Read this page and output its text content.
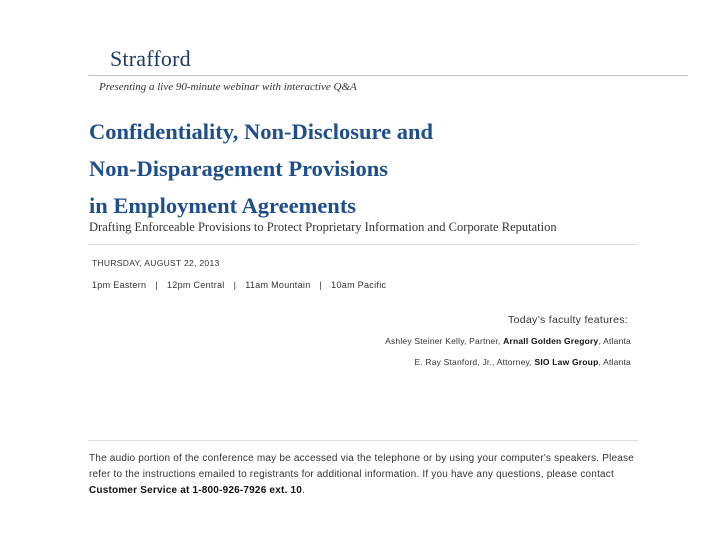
Strafford
Presenting a live 90-minute webinar with interactive Q&A
Confidentiality, Non-Disclosure and
Non-Disparagement Provisions
in Employment Agreements
Drafting Enforceable Provisions to Protect Proprietary Information and Corporate Reputation
THURSDAY, AUGUST 22, 2013
1pm Eastern | 12pm Central | 11am Mountain | 10am Pacific
Today’s faculty features:
Ashley Steiner Kelly, Partner, Arnall Golden Gregory, Atlanta
E. Ray Stanford, Jr., Attorney, SIO Law Group, Atlanta
The audio portion of the conference may be accessed via the telephone or by using your computer's speakers. Please refer to the instructions emailed to registrants for additional information. If you have any questions, please contact Customer Service at 1-800-926-7926 ext. 10.
